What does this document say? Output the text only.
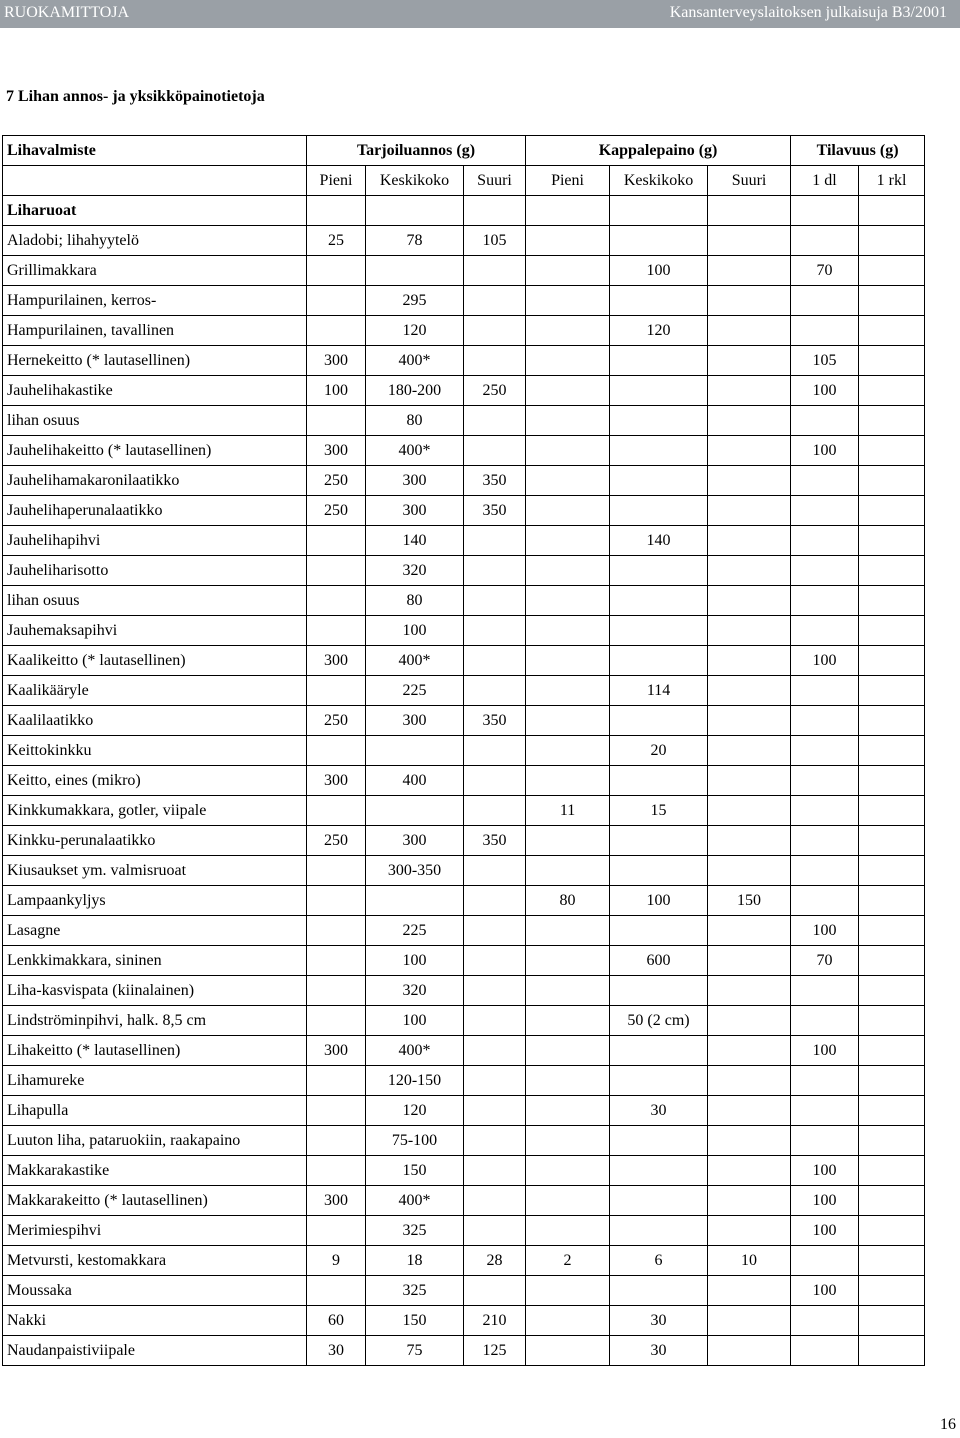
RUOKAMITTOJA	Kansanterveyslaitoksen julkaisuja B3/2001
7 Lihan annos- ja yksikköpainotietoja
Lihavalmiste	Tarjoiluannos (g)			Kappalepaino (g)			Tilavuus (g)	
	Pieni	Keskikoko	Suuri	Pieni	Keskikoko	Suuri	1 dl	1 rkl
Liharuoat								
Aladobi; lihahyytelö	25	78	105					
Grillimakkara					100		70	
Hampurilainen, kerros-		295						
Hampurilainen, tavallinen		120			120			
Hernekeitto (* lautasellinen)	300	400*					105	
Jauhelihakastike	100	180-200	250				100	
lihan osuus		80						
Jauhelihakeitto (* lautasellinen)	300	400*					100	
Jauhelihamakaronilaatikko	250	300	350					
Jauhelihaperunalaatikko	250	300	350					
Jauhelihapihvi		140			140			
Jauheliharisotto		320						
lihan osuus		80						
Jauhemaksapihvi		100						
Kaalikeitto (* lautasellinen)	300	400*					100	
Kaalikääryle		225			114			
Kaalilaatikko	250	300	350					
Keittokinkku					20			
Keitto, eines (mikro)	300	400						
Kinkkumakkara, gotler, viipale				11	15			
Kinkku-perunalaatikko	250	300	350					
Kiusaukset ym. valmisruoat		300-350						
Lampaankyljys				80	100	150		
Lasagne		225					100	
Lenkkimakkara, sininen		100			600		70	
Liha-kasvispata (kiinalainen)		320						
Lindströminpihvi, halk. 8,5 cm		100			50 (2 cm)			
Lihakeitto (* lautasellinen)	300	400*					100	
Lihamureke		120-150						
Lihapulla		120			30			
Luuton liha, pataruokiin, raakapaino		75-100						
Makkarakastike		150					100	
Makkarakeitto (* lautasellinen)	300	400*					100	
Merimiespihvi		325					100	
Metvursti, kestomakkara	9	18	28	2	6	10		
Moussaka		325					100	
Nakki	60	150	210		30			
Naudanpaistiviipale	30	75	125		30			
16
